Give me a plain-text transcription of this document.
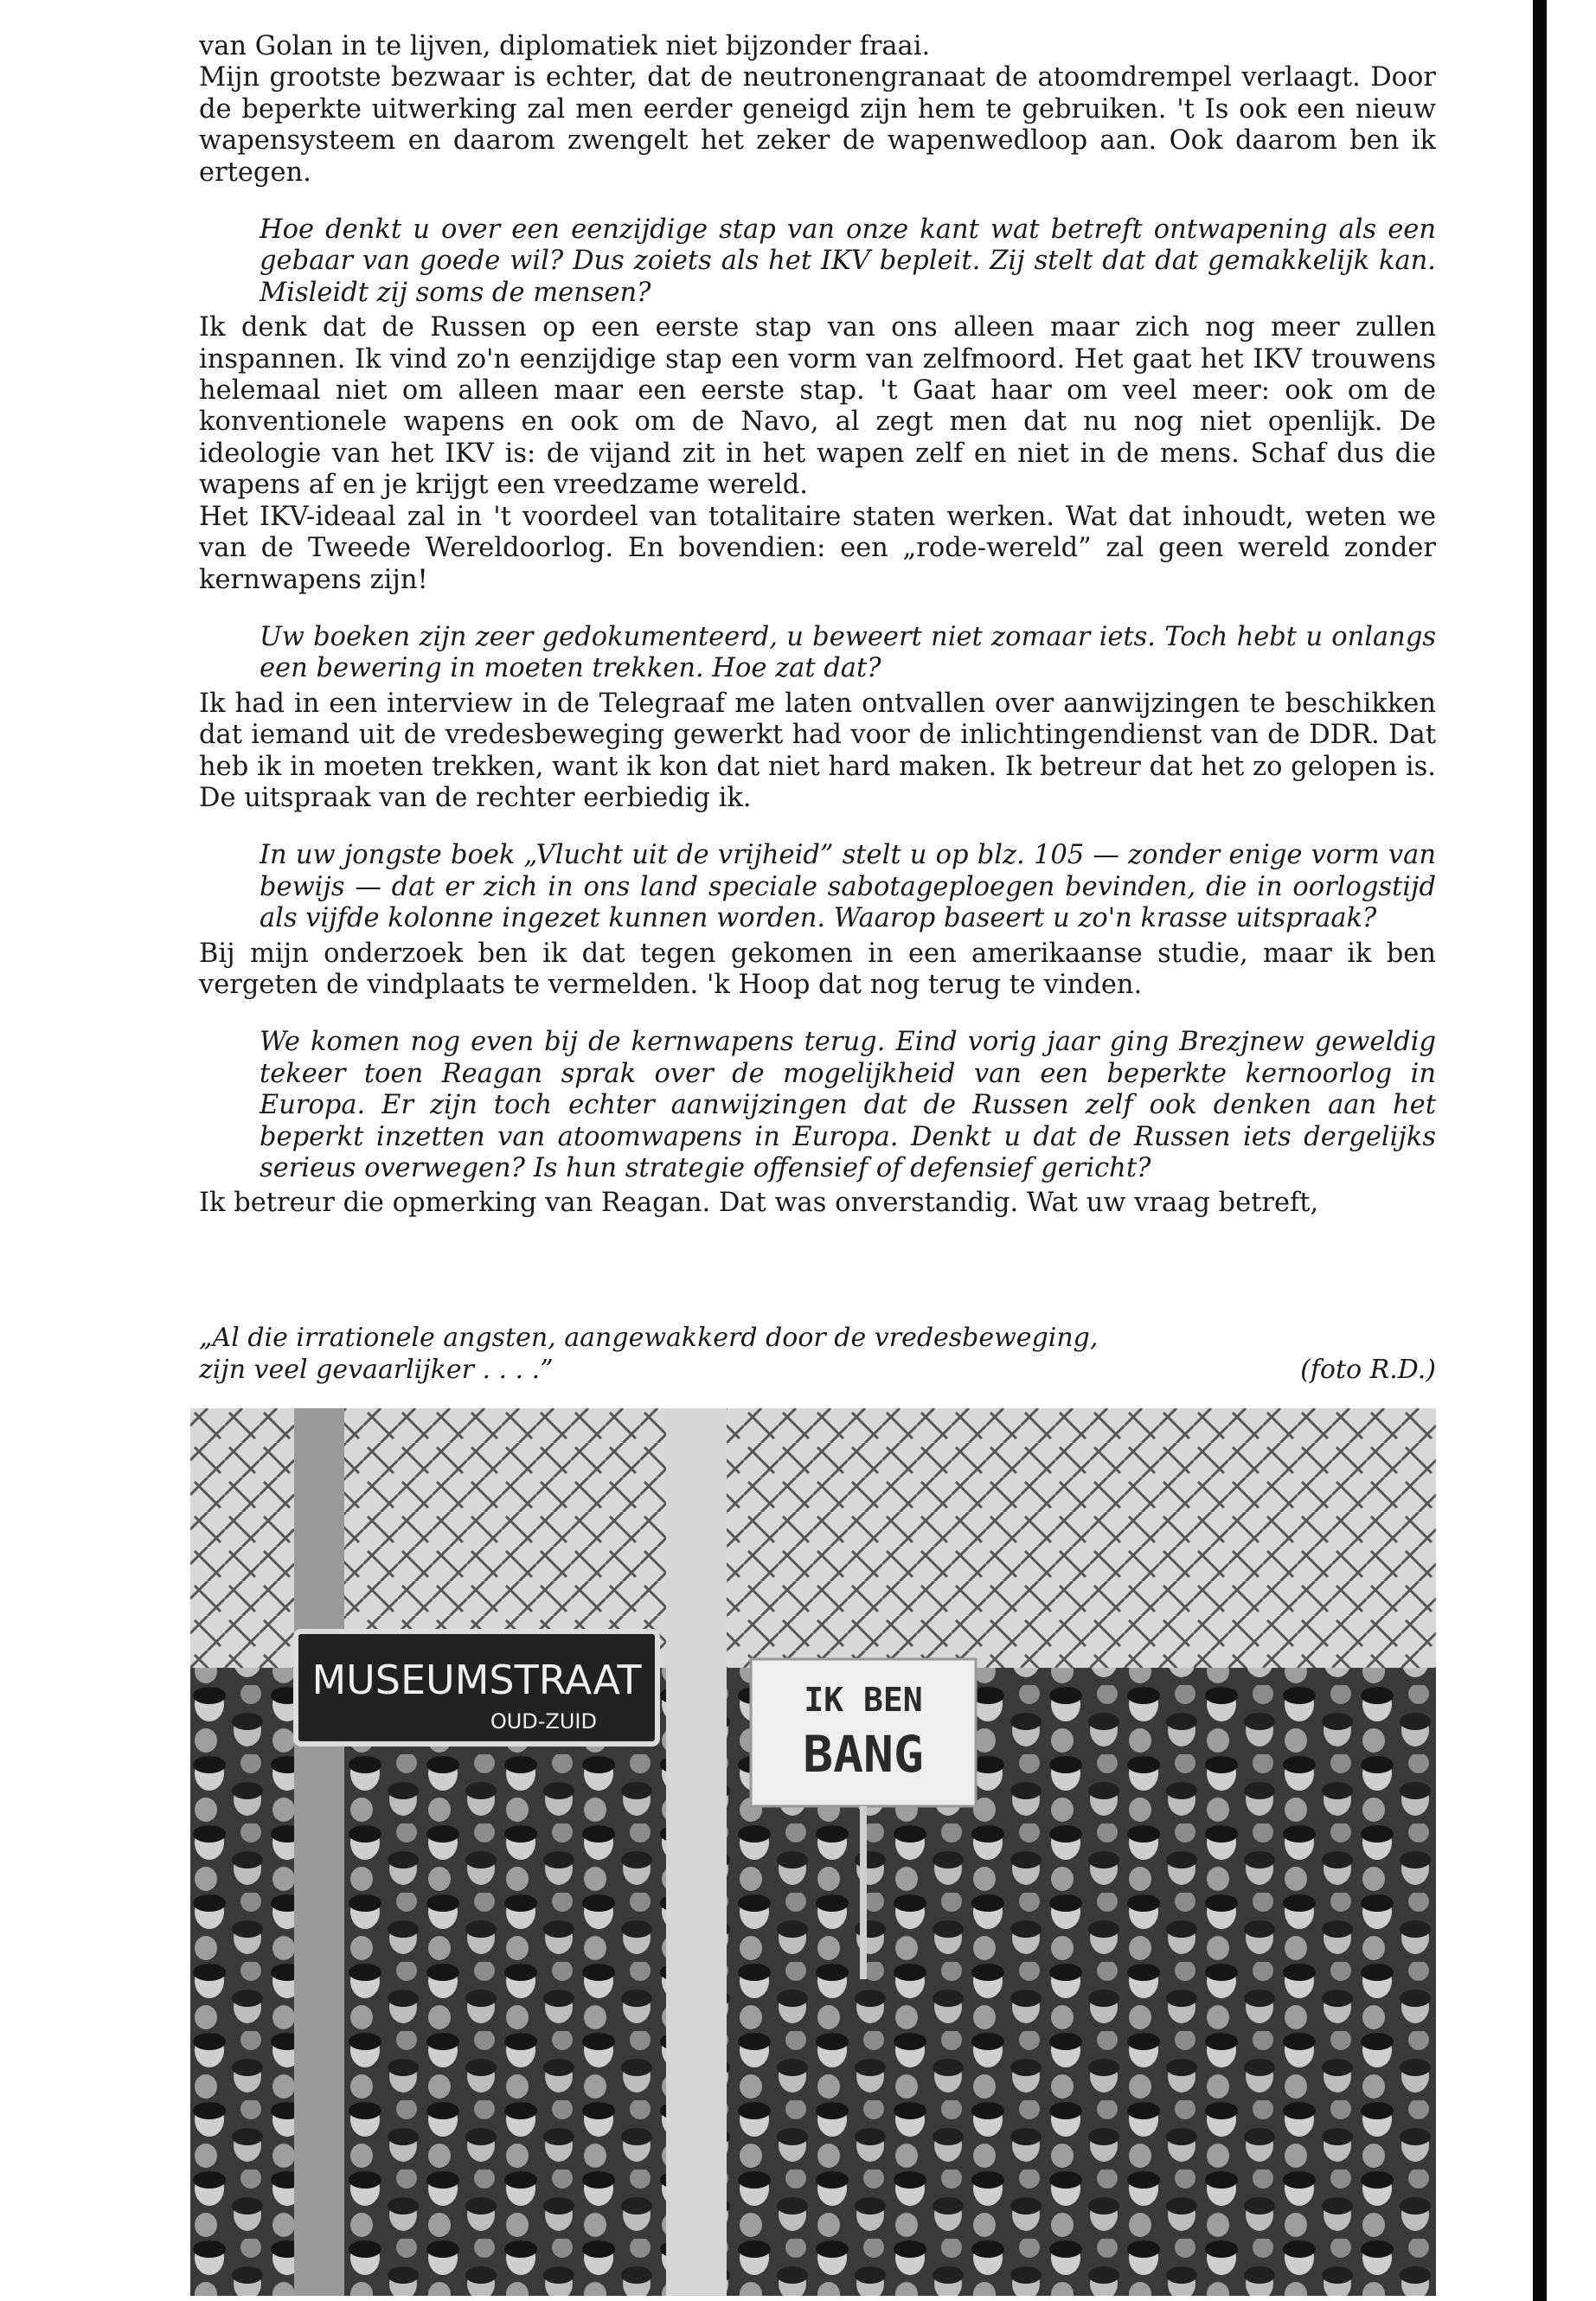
van Golan in te lijven, diplomatiek niet bijzonder fraai.

Mijn grootste bezwaar is echter, dat de neutronengranaat de atoomdrempel verlaagt. Door de beperkte uitwerking zal men eerder geneigd zijn hem te gebruiken. 't Is ook een nieuw wapensysteem en daarom zwengelt het zeker de wapenwedloop aan. Ook daarom ben ik ertegen.

Hoe denkt u over een eenzijdige stap van onze kant wat betreft ontwapening als een gebaar van goede wil? Dus zoiets als het IKV bepleit. Zij stelt dat dat gemakkelijk kan. Misleidt zij soms de mensen?

Ik denk dat de Russen op een eerste stap van ons alleen maar zich nog meer zullen inspannen. Ik vind zo'n eenzijdige stap een vorm van zelfmoord. Het gaat het IKV trouwens helemaal niet om alleen maar een eerste stap. 't Gaat haar om veel meer: ook om de konventionele wapens en ook om de Navo, al zegt men dat nu nog niet openlijk. De ideologie van het IKV is: de vijand zit in het wapen zelf en niet in de mens. Schaf dus die wapens af en je krijgt een vreedzame wereld.

Het IKV-ideaal zal in 't voordeel van totalitaire staten werken. Wat dat inhoudt, weten we van de Tweede Wereldoorlog. En bovendien: een „rode-wereld” zal geen wereld zonder kernwapens zijn!

Uw boeken zijn zeer gedokumenteerd, u beweert niet zomaar iets. Toch hebt u onlangs een bewering in moeten trekken. Hoe zat dat?

Ik had in een interview in de Telegraaf me laten ontvallen over aanwijzingen te beschikken dat iemand uit de vredesbeweging gewerkt had voor de inlichtingendienst van de DDR. Dat heb ik in moeten trekken, want ik kon dat niet hard maken. Ik betreur dat het zo gelopen is. De uitspraak van de rechter eerbiedig ik.

In uw jongste boek „Vlucht uit de vrijheid” stelt u op blz. 105 — zonder enige vorm van bewijs — dat er zich in ons land speciale sabotageploegen bevinden, die in oorlogstijd als vijfde kolonne ingezet kunnen worden. Waarop baseert u zo'n krasse uitspraak?

Bij mijn onderzoek ben ik dat tegen gekomen in een amerikaanse studie, maar ik ben vergeten de vindplaats te vermelden. 'k Hoop dat nog terug te vinden.

We komen nog even bij de kernwapens terug. Eind vorig jaar ging Brezjnew geweldig tekeer toen Reagan sprak over de mogelijkheid van een beperkte kernoorlog in Europa. Er zijn toch echter aanwijzingen dat de Russen zelf ook denken aan het beperkt inzetten van atoomwapens in Europa. Denkt u dat de Russen iets dergelijks serieus overwegen? Is hun strategie offensief of defensief gericht?

Ik betreur die opmerking van Reagan. Dat was onverstandig. Wat uw vraag betreft,

„Al die irrationele angsten, aangewakkerd door de vredesbeweging,
zijn veel gevaarlijker . . . .”	(foto R.D.)
MUSEUMSTRAAT
OUD-ZUID
IK BEN
BANG
